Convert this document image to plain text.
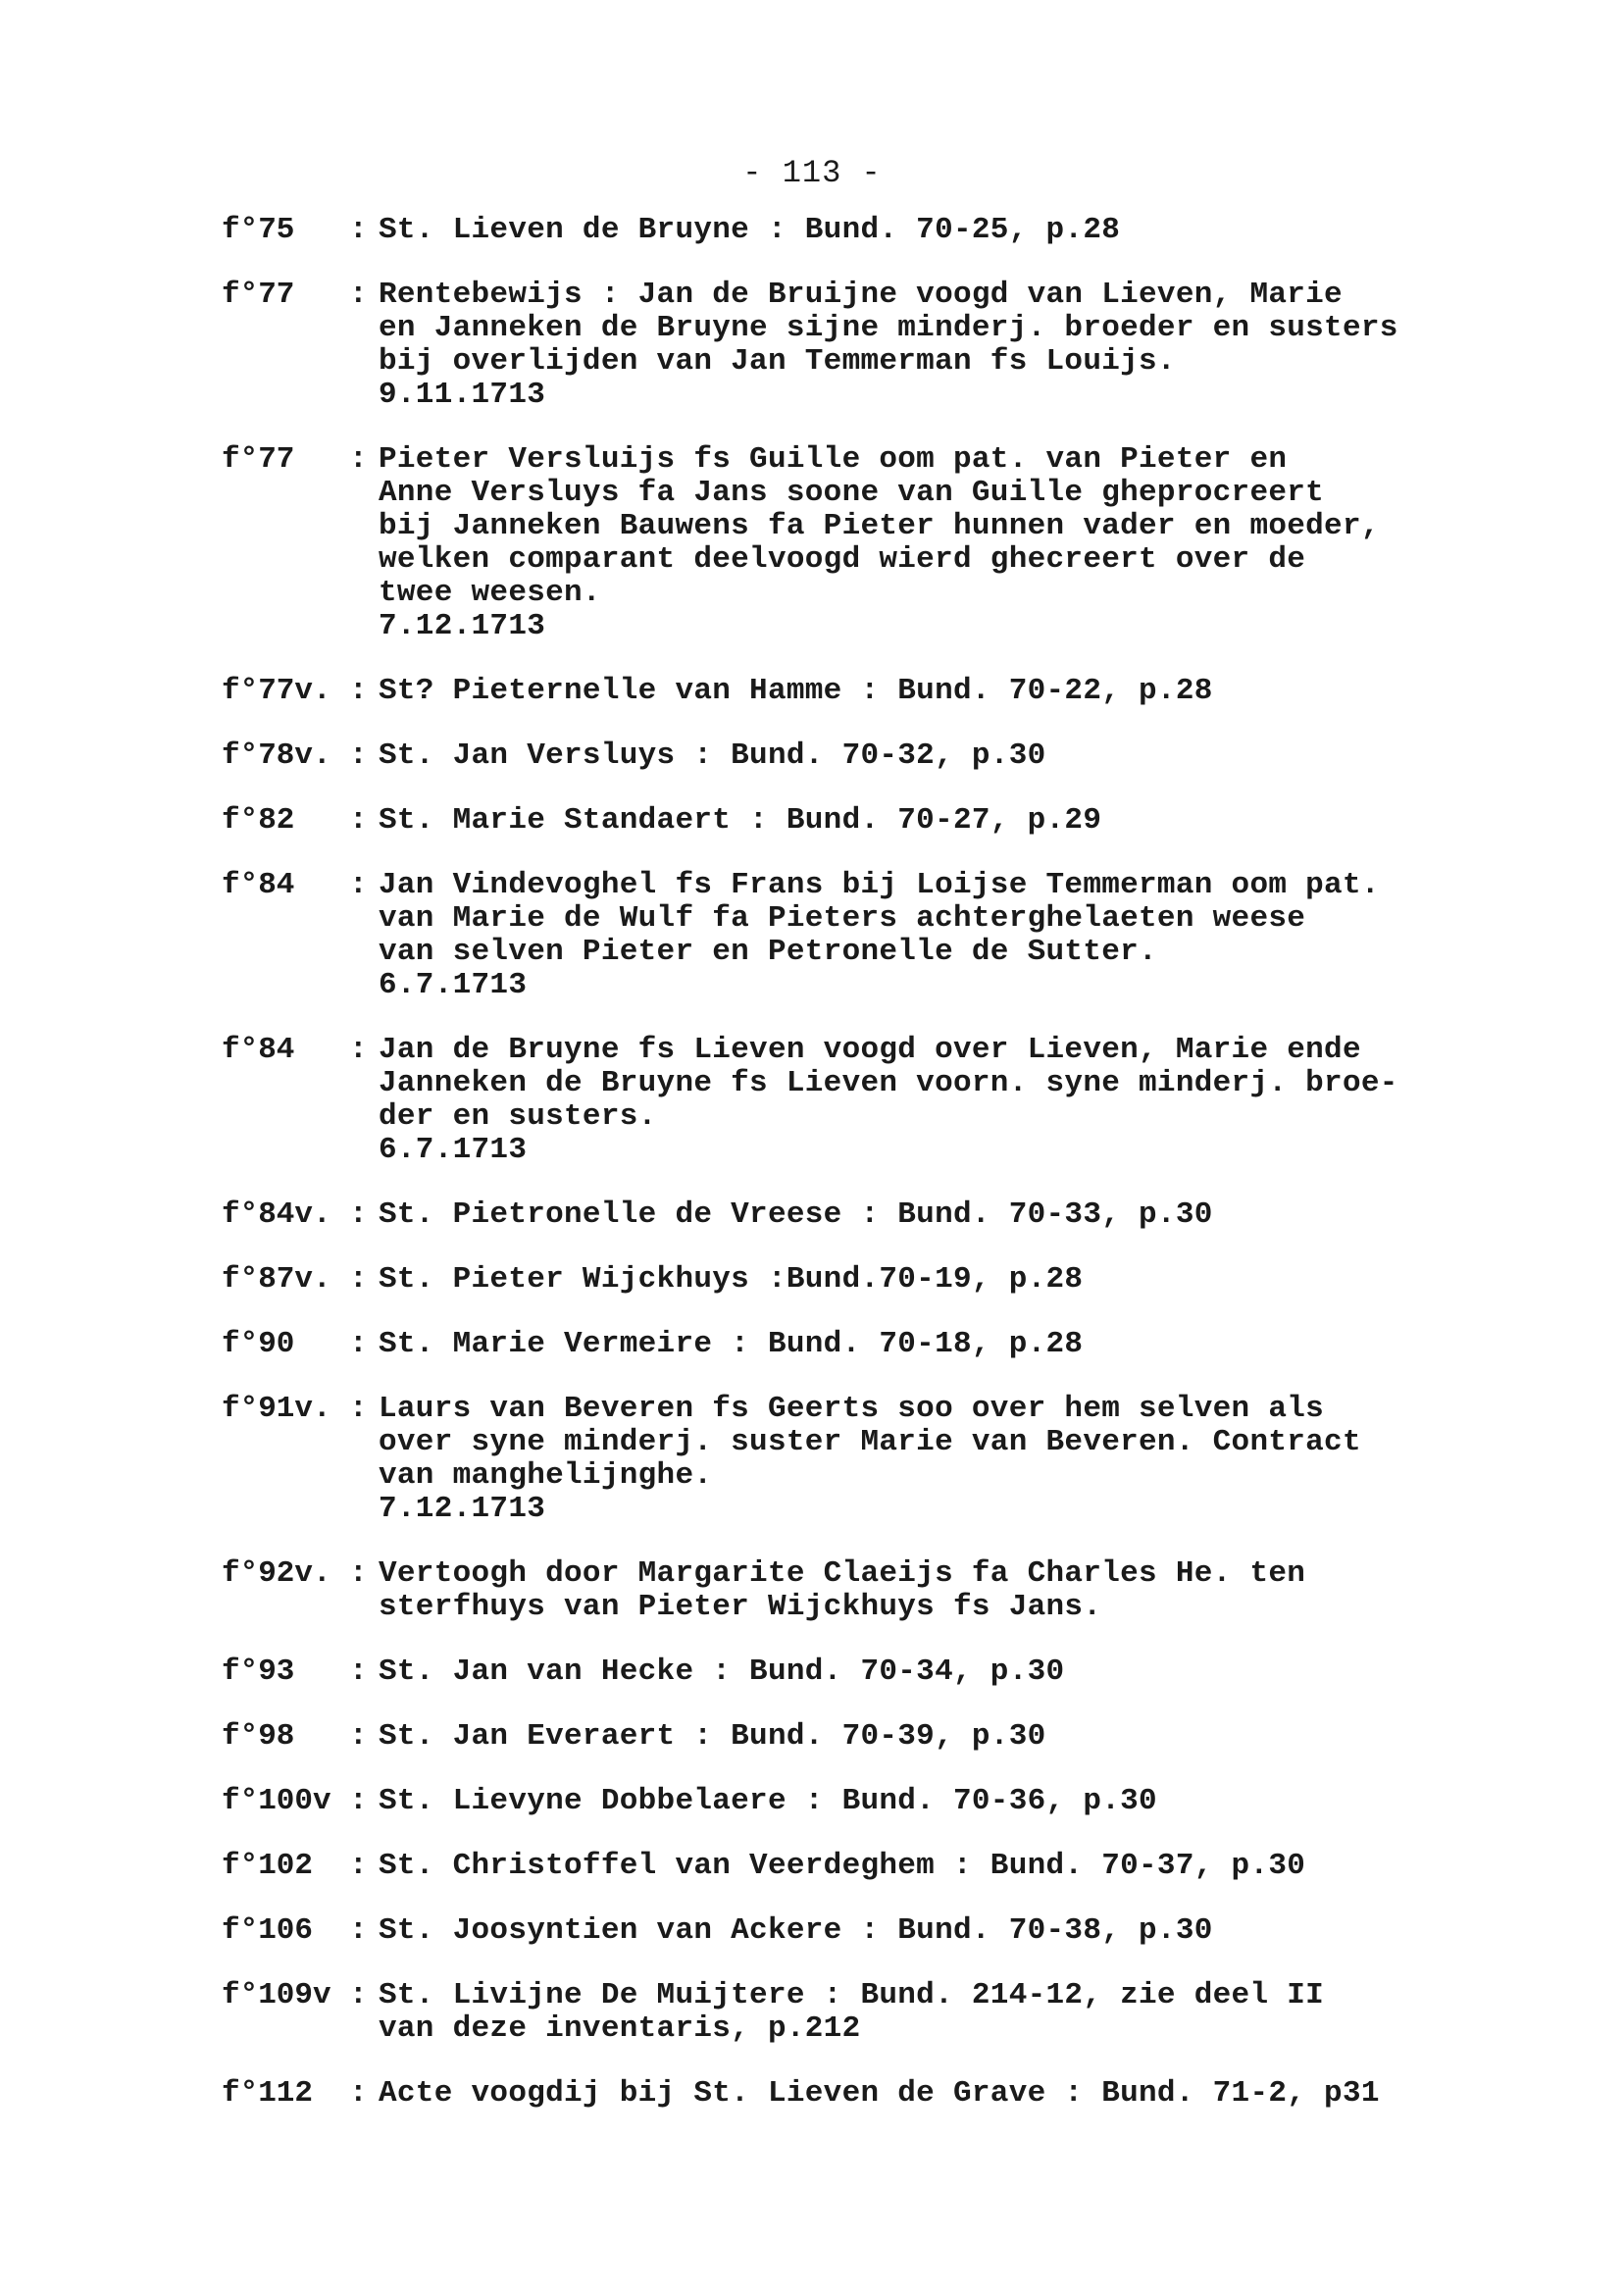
- 113 -
f°75	: St. Lieven de Bruyne : Bund. 70-25, p.28
f°77	: Rentebewijs : Jan de Bruijne voogd van Lieven, Marie
en Janneken de Bruyne sijne minderj. broeder en susters
bij overlijden van Jan Temmerman fs Louijs.
9.11.1713
f°77	: Pieter Versluijs fs Guille oom pat. van Pieter en
Anne Versluys fa Jans soone van Guille gheprocreert
bij Janneken Bauwens fa Pieter hunnen vader en moeder,
welken comparant deelvoogd wierd ghecreert over de
twee weesen.
7.12.1713
f°77v. : St? Pieternelle van Hamme : Bund. 70-22, p.28
f°78v. : St. Jan Versluys : Bund. 70-32, p.30
f°82	: St. Marie Standaert : Bund. 70-27, p.29
f°84	: Jan Vindevoghel fs Frans bij Loijse Temmerman oom pat.
van Marie de Wulf fa Pieters achterghelaeten weese
van selven Pieter en Petronelle de Sutter.
6.7.1713
f°84	: Jan de Bruyne fs Lieven voogd over Lieven, Marie ende
Janneken de Bruyne fs Lieven voorn. syne minderj. broe-
der en susters.
6.7.1713
f°84v. : St. Pietronelle de Vreese : Bund. 70-33, p.30
f°87v. : St. Pieter Wijckhuys :Bund.70-19, p.28
f°90	: St. Marie Vermeire : Bund. 70-18, p.28
f°91v. : Laurs van Beveren fs Geerts soo over hem selven als
over syne minderj. suster Marie van Beveren. Contract
van manghelijnghe.
7.12.1713
f°92v. : Vertoogh door Margarite Claeijs fa Charles He. ten
sterfhuys van Pieter Wijckhuys fs Jans.
f°93	: St. Jan van Hecke : Bund. 70-34, p.30
f°98	: St. Jan Everaert : Bund. 70-39, p.30
f°100v : St. Lievyne Dobbelaere : Bund. 70-36, p.30
f°102	: St. Christoffel van Veerdeghem : Bund. 70-37, p.30
f°106	: St. Joosyntien van Ackere : Bund. 70-38, p.30
f°109v : St. Livijne De Muijtere : Bund. 214-12, zie deel II
van deze inventaris, p.212
f°112	: Acte voogdij bij St. Lieven de Grave : Bund. 71-2, p31
